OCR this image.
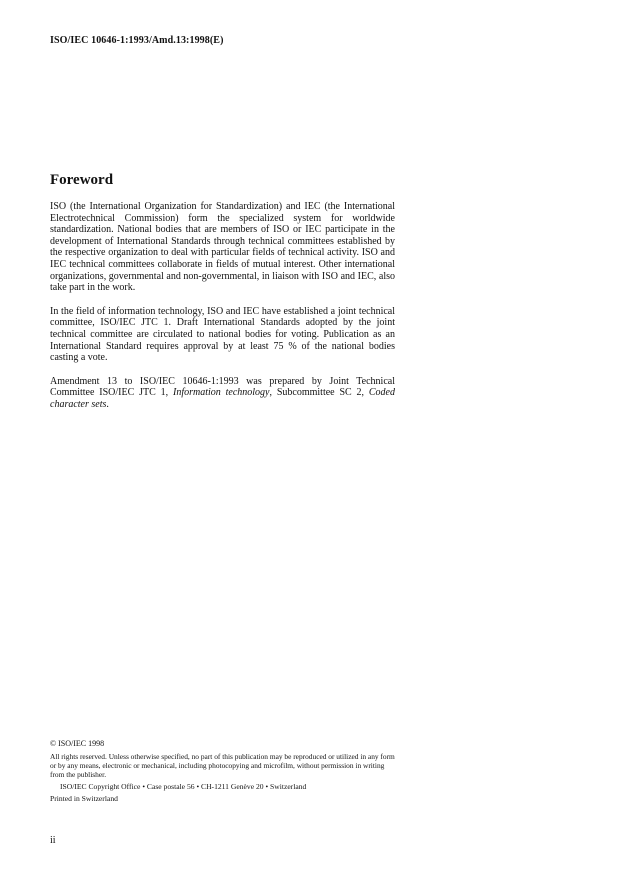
ISO/IEC 10646-1:1993/Amd.13:1998(E)
Foreword

ISO (the International Organization for Standardization) and IEC (the International Electrotechnical Commission) form the specialized system for worldwide standardization. National bodies that are members of ISO or IEC participate in the development of International Standards through technical committees established by the respective organization to deal with particular fields of technical activity. ISO and IEC technical committees collaborate in fields of mutual interest. Other international organizations, governmental and non-governmental, in liaison with ISO and IEC, also take part in the work.

In the field of information technology, ISO and IEC have established a joint technical committee, ISO/IEC JTC 1. Draft International Standards adopted by the joint technical committee are circulated to national bodies for voting. Publication as an International Standard requires approval by at least 75 % of the national bodies casting a vote.

Amendment 13 to ISO/IEC 10646-1:1993 was prepared by Joint Technical Committee ISO/IEC JTC 1, Information technology, Subcommittee SC 2, Coded character sets.

© ISO/IEC 1998

All rights reserved. Unless otherwise specified, no part of this publication may be reproduced or utilized in any form or by any means, electronic or mechanical, including photocopying and microfilm, without permission in writing from the publisher.

ISO/IEC Copyright Office • Case postale 56 • CH-1211 Genève 20 • Switzerland

Printed in Switzerland

ii
